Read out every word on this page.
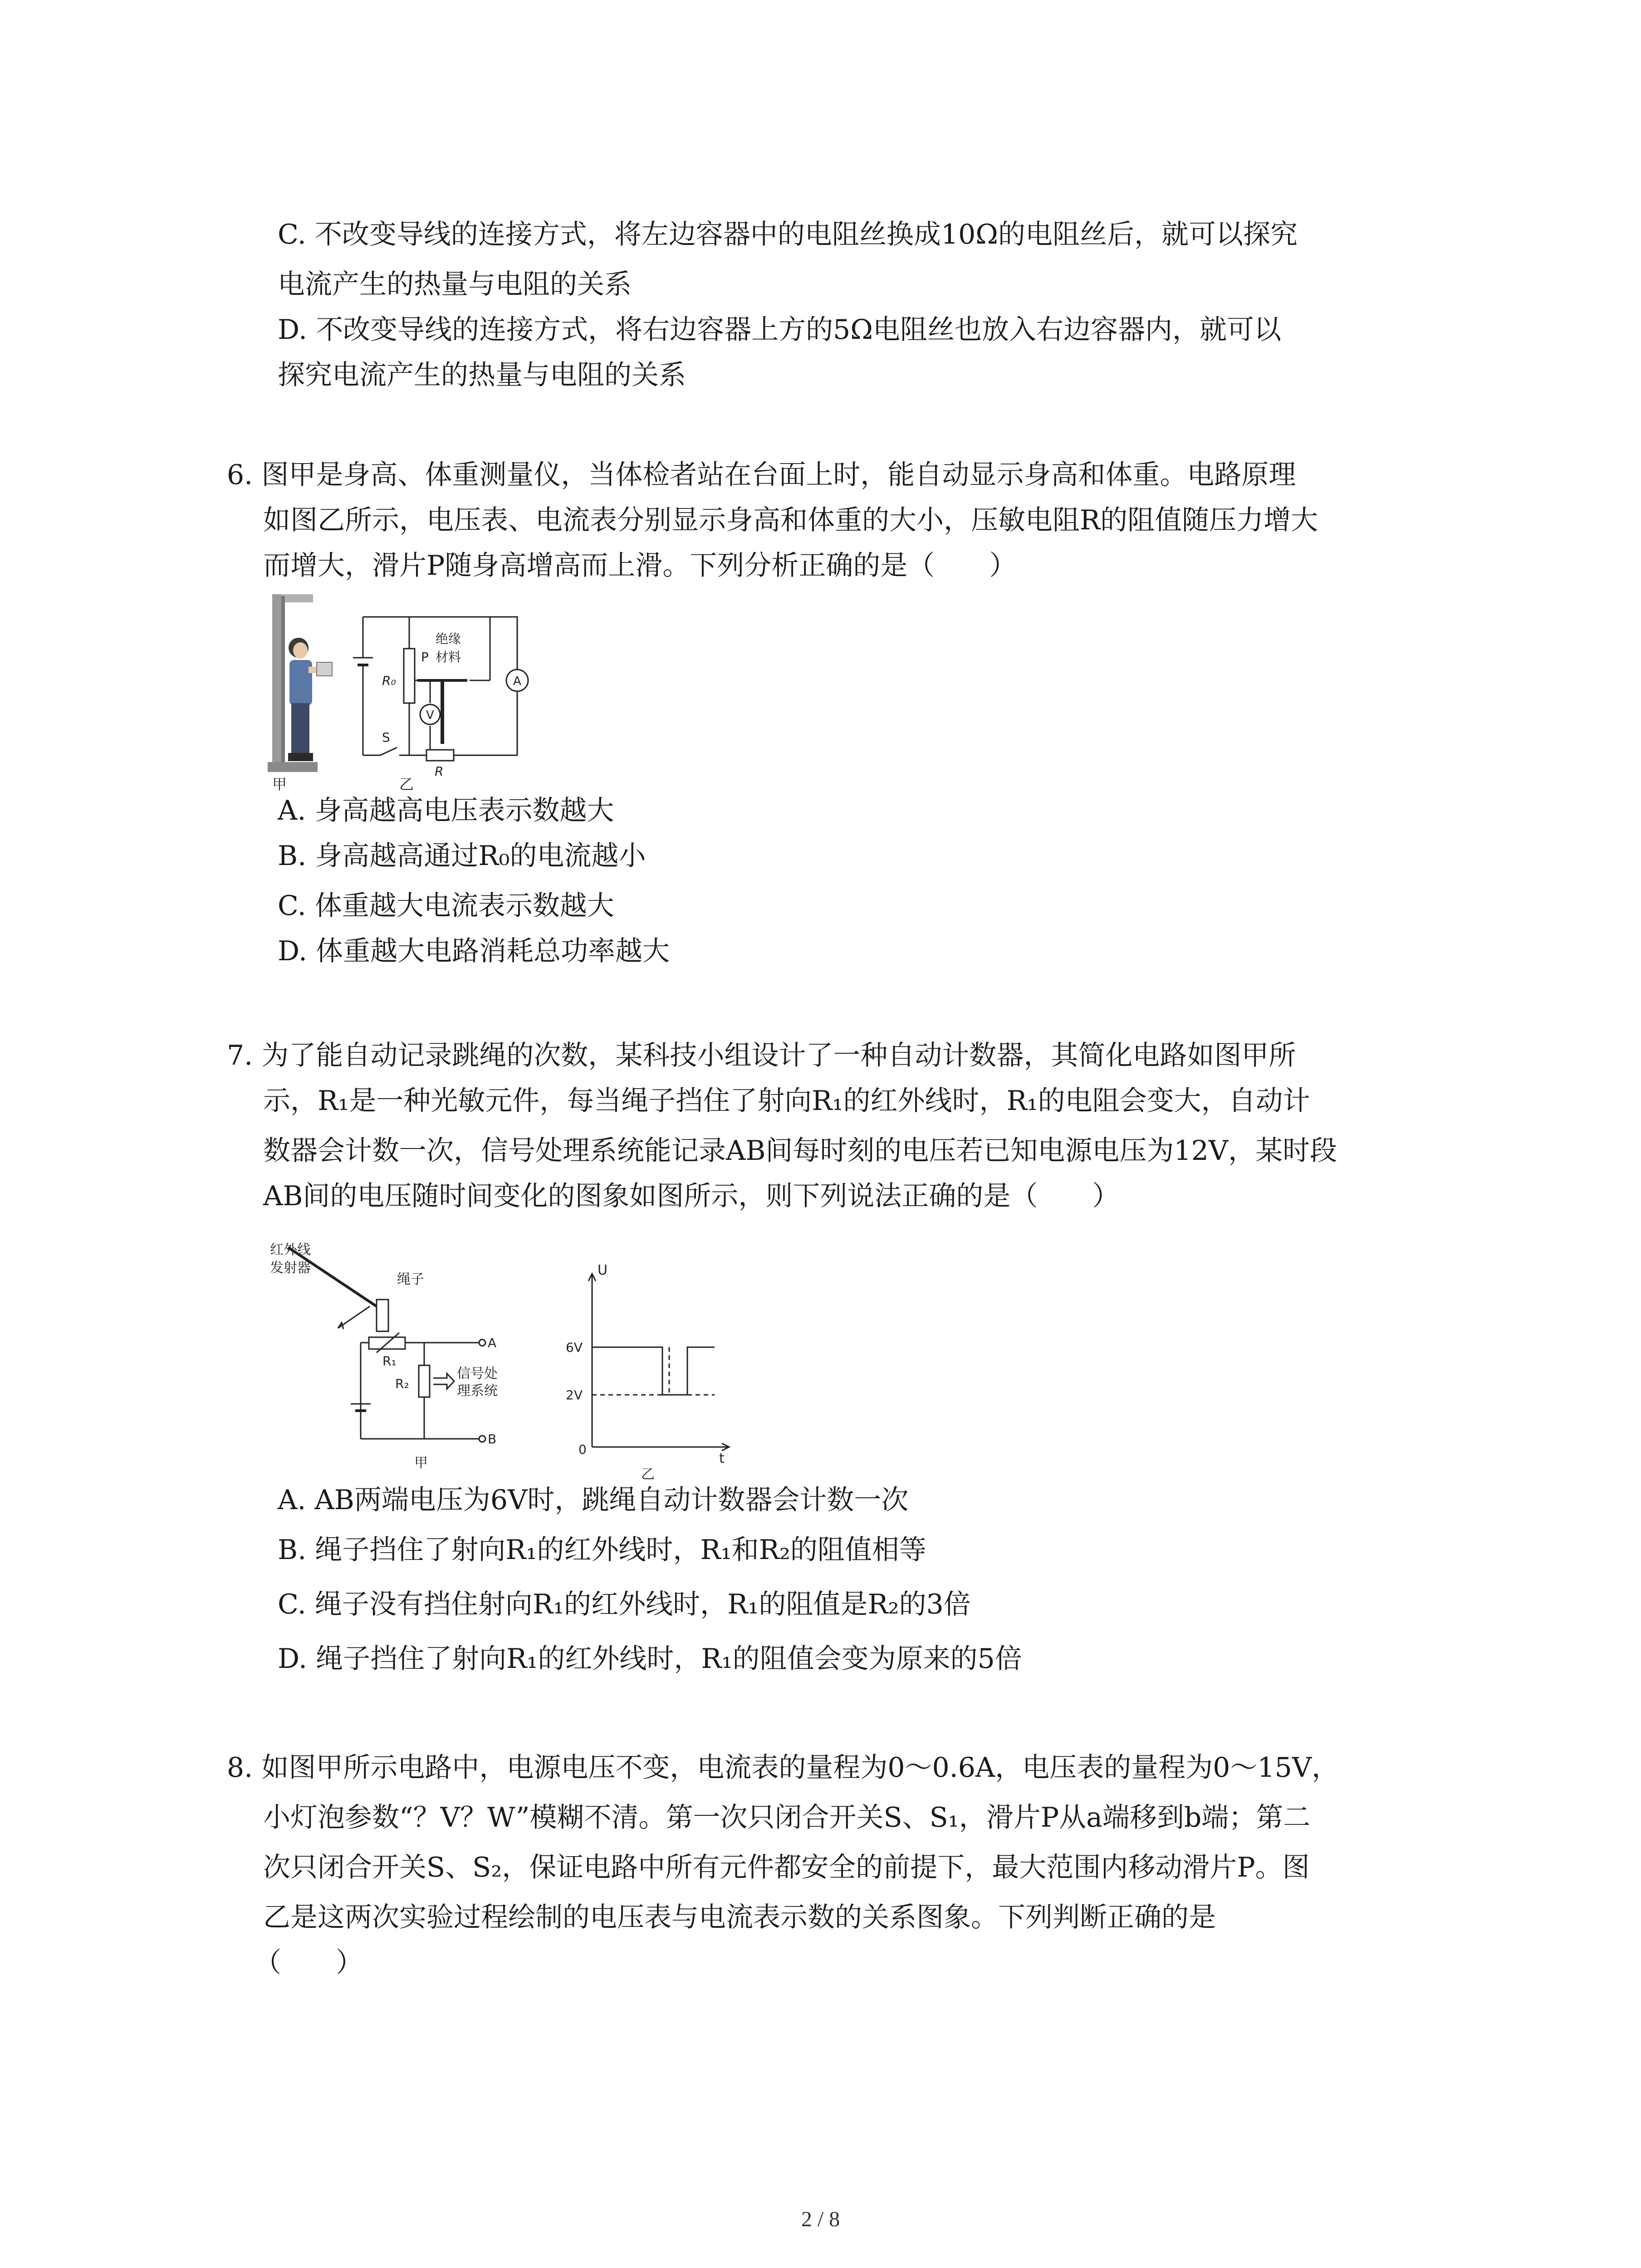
C. 不改变导线的连接方式，将左边容器中的电阻丝换成10Ω的电阻丝后，就可以探究
电流产生的热量与电阻的关系
D. 不改变导线的连接方式，将右边容器上方的5Ω电阻丝也放入右边容器内，就可以
探究电流产生的热量与电阻的关系
6. 图甲是身高、体重测量仪，当体检者站在台面上时，能自动显示身高和体重。电路原理
如图乙所示，电压表、电流表分别显示身高和体重的大小，压敏电阻R的阻值随压力增大
而增大，滑片P随身高增高而上滑。下列分析正确的是（　　）
甲	乙
R₀
S
R
绝缘
材料
P
A
V
A. 身高越高电压表示数越大
B. 身高越高通过R₀的电流越小
C. 体重越大电流表示数越大
D. 体重越大电路消耗总功率越大
7. 为了能自动记录跳绳的次数，某科技小组设计了一种自动计数器，其简化电路如图甲所
示，R₁是一种光敏元件，每当绳子挡住了射向R₁的红外线时，R₁的电阻会变大，自动计
数器会计数一次，信号处理系统能记录AB间每时刻的电压若已知电源电压为12V，某时段
AB间的电压随时间变化的图象如图所示，则下列说法正确的是（　　）
红外线
发射器
绳子
R₁
R₂
A
B
信号处
理系统
甲
U
t
0
6V
2V
乙
A. AB两端电压为6V时，跳绳自动计数器会计数一次
B. 绳子挡住了射向R₁的红外线时，R₁和R₂的阻值相等
C. 绳子没有挡住射向R₁的红外线时，R₁的阻值是R₂的3倍
D. 绳子挡住了射向R₁的红外线时，R₁的阻值会变为原来的5倍
8. 如图甲所示电路中，电源电压不变，电流表的量程为0～0.6A，电压表的量程为0～15V，
小灯泡参数“？V？W”模糊不清。第一次只闭合开关S、S₁，滑片P从a端移到b端；第二
次只闭合开关S、S₂，保证电路中所有元件都安全的前提下，最大范围内移动滑片P。图
乙是这两次实验过程绘制的电压表与电流表示数的关系图象。下列判断正确的是
（　　）
2 / 8
